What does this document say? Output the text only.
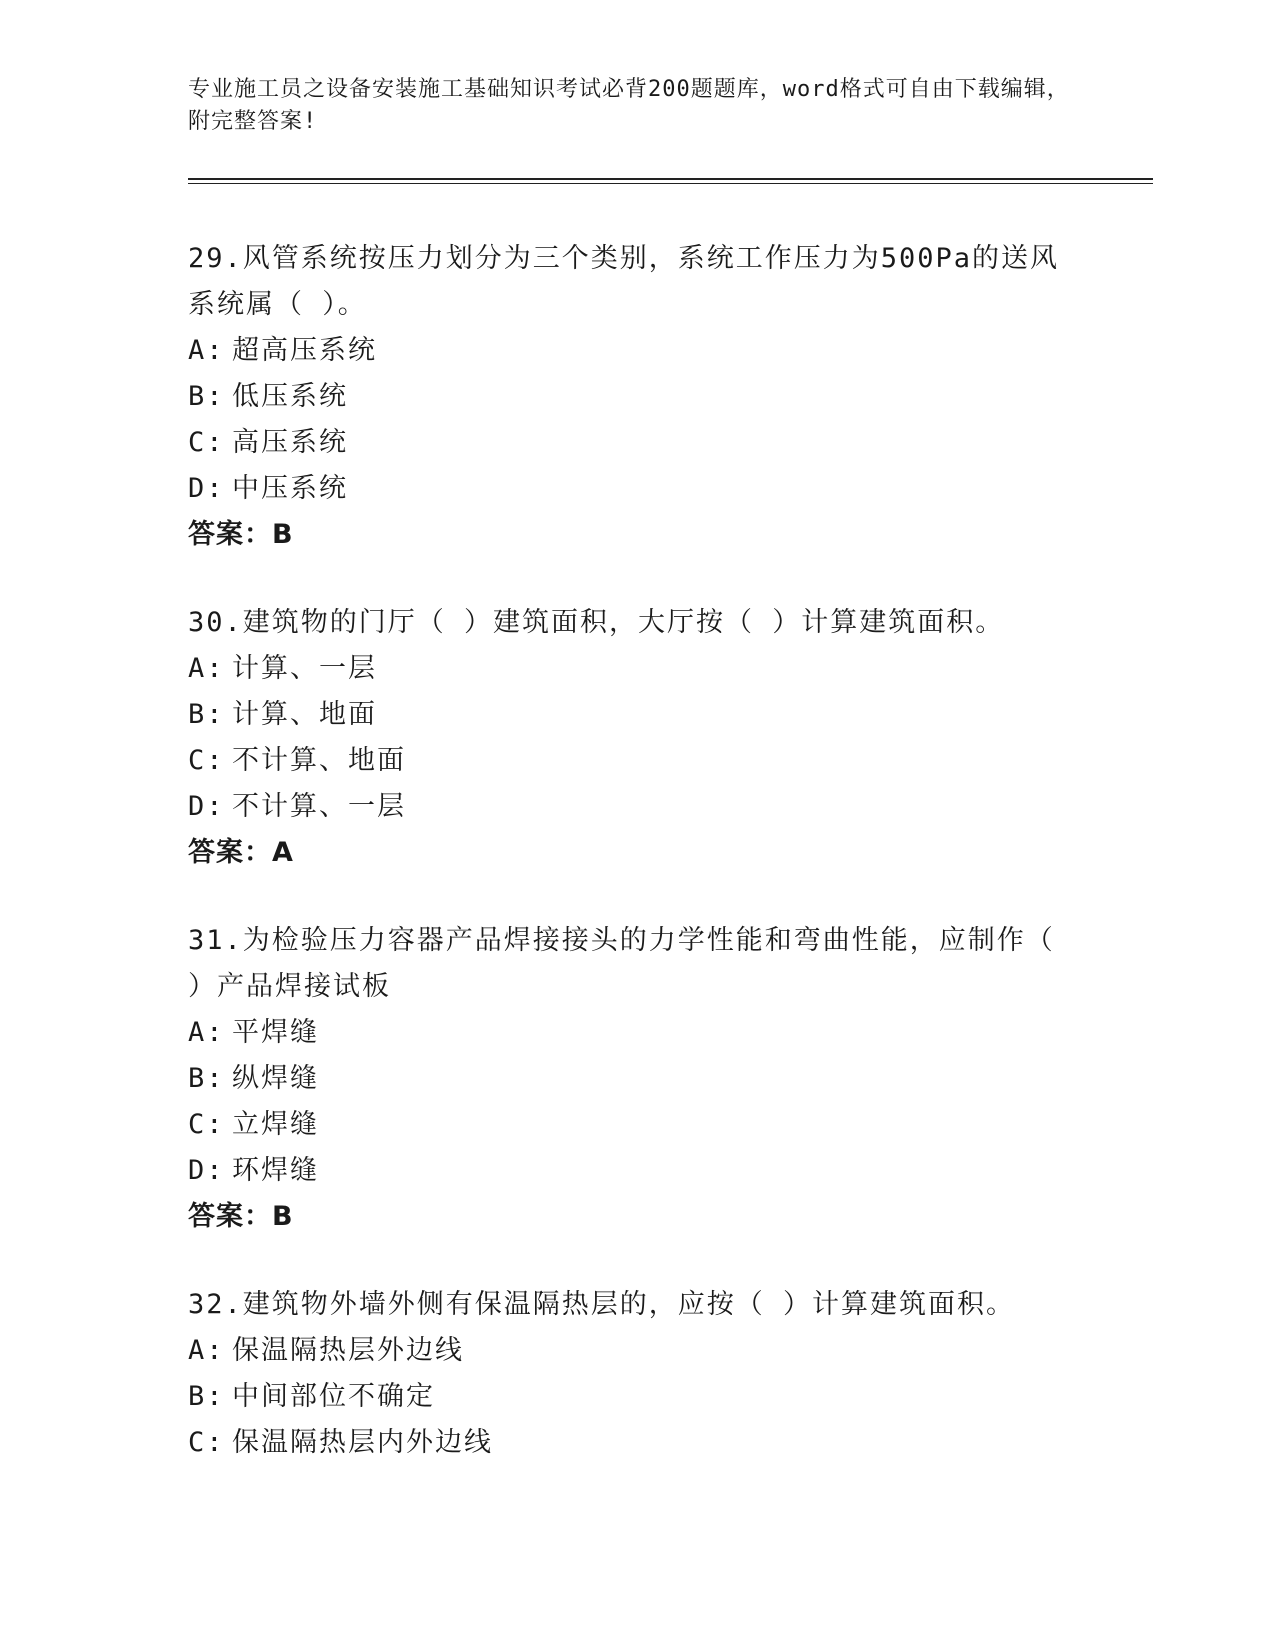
专业施工员之设备安装施工基础知识考试必背200题题库，word格式可自由下载编辑，附完整答案!

29.风管系统按压力划分为三个类别，系统工作压力为500Pa的送风系统属（ ）。

A: 超高压系统

B: 低压系统

C: 高压系统

D: 中压系统

答案：B

30.建筑物的门厅（ ）建筑面积，大厅按（ ）计算建筑面积。

A: 计算、一层

B: 计算、地面

C: 不计算、地面

D: 不计算、一层

答案：A

31.为检验压力容器产品焊接接头的力学性能和弯曲性能，应制作（ ）产品焊接试板

A: 平焊缝

B: 纵焊缝

C: 立焊缝

D: 环焊缝

答案：B

32.建筑物外墙外侧有保温隔热层的，应按（ ）计算建筑面积。

A: 保温隔热层外边线

B: 中间部位不确定

C: 保温隔热层内外边线
